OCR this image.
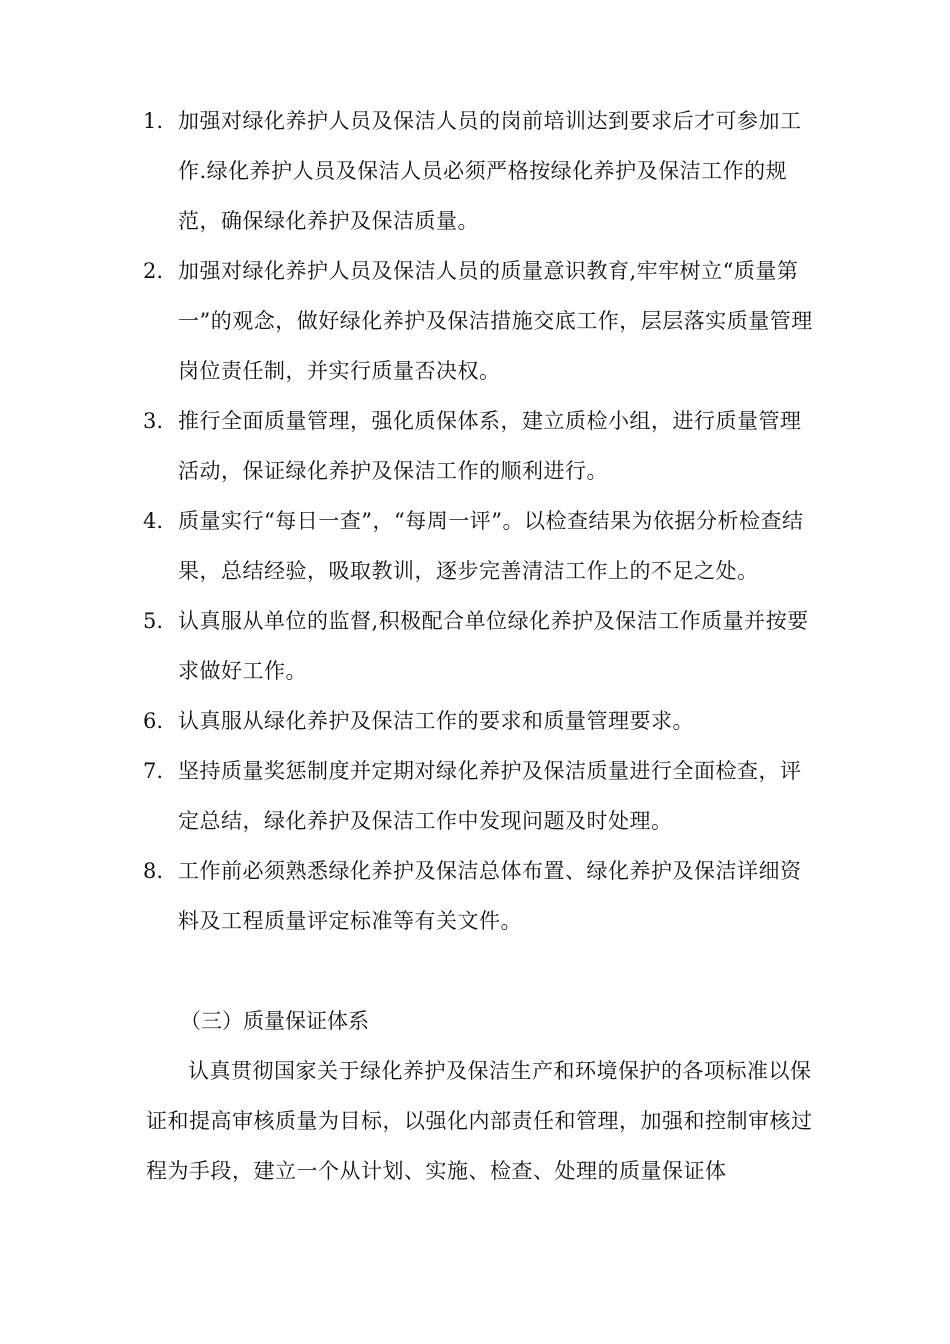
1. 加强对绿化养护人员及保洁人员的岗前培训达到要求后才可参加工作.绿化养护人员及保洁人员必须严格按绿化养护及保洁工作的规范，确保绿化养护及保洁质量。
2. 加强对绿化养护人员及保洁人员的质量意识教育,牢牢树立“质量第一”的观念，做好绿化养护及保洁措施交底工作，层层落实质量管理岗位责任制，并实行质量否决权。
3. 推行全面质量管理，强化质保体系，建立质检小组，进行质量管理活动，保证绿化养护及保洁工作的顺利进行。
4. 质量实行“每日一查”，“每周一评”。以检查结果为依据分析检查结果，总结经验，吸取教训，逐步完善清洁工作上的不足之处。
5. 认真服从单位的监督,积极配合单位绿化养护及保洁工作质量并按要求做好工作。
6. 认真服从绿化养护及保洁工作的要求和质量管理要求。
7. 坚持质量奖惩制度并定期对绿化养护及保洁质量进行全面检查，评定总结，绿化养护及保洁工作中发现问题及时处理。
8. 工作前必须熟悉绿化养护及保洁总体布置、绿化养护及保洁详细资料及工程质量评定标准等有关文件。

（三）质量保证体系

认真贯彻国家关于绿化养护及保洁生产和环境保护的各项标准以保证和提高审核质量为目标，以强化内部责任和管理，加强和控制审核过程为手段，建立一个从计划、实施、检查、处理的质量保证体
